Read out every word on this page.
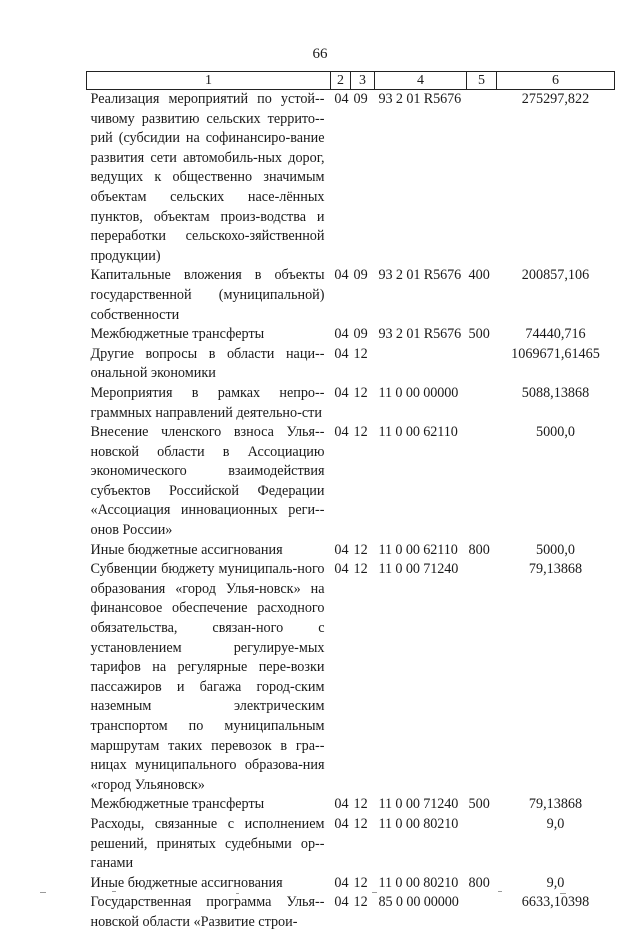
66
1	2	3	4	5	6
Реализация мероприятий по устой-чивому развитию сельских террито-рий (субсидии на софинансиро-вание развития сети автомобиль-ных дорог, ведущих к общественно значимым объектам сельских насе-лённых пунктов, объектам произ-водства и переработки сельскохо-зяйственной продукции)	04	09	93 2 01 R5676		275297,822
Капитальные вложения в объекты государственной (муниципальной) собственности	04	09	93 2 01 R5676	400	200857,106
Межбюджетные трансферты	04	09	93 2 01 R5676	500	74440,716
Другие вопросы в области наци-ональной экономики	04	12			1069671,61465
Мероприятия в рамках непро-граммных направлений деятельно-сти	04	12	11 0 00 00000		5088,13868
Внесение членского взноса Улья-новской области в Ассоциацию экономического взаимодействия субъектов Российской Федерации «Ассоциация инновационных реги-онов России»	04	12	11 0 00 62110		5000,0
Иные бюджетные ассигнования	04	12	11 0 00 62110	800	5000,0
Субвенции бюджету муниципаль-ного образования «город Улья-новск» на финансовое обеспечение расходного обязательства, связан-ного с установлением регулируе-мых тарифов на регулярные пере-возки пассажиров и багажа город-ским наземным электрическим транспортом по муниципальным маршрутам таких перевозок в гра-ницах муниципального образова-ния «город Ульяновск»	04	12	11 0 00 71240		79,13868
Межбюджетные трансферты	04	12	11 0 00 71240	500	79,13868
Расходы, связанные с исполнением решений, принятых судебными ор-ганами	04	12	11 0 00 80210		9,0
Иные бюджетные ассигнования	04	12	11 0 00 80210	800	9,0
Государственная программа Улья-новской области «Развитие строи-	04	12	85 0 00 00000		6633,10398
